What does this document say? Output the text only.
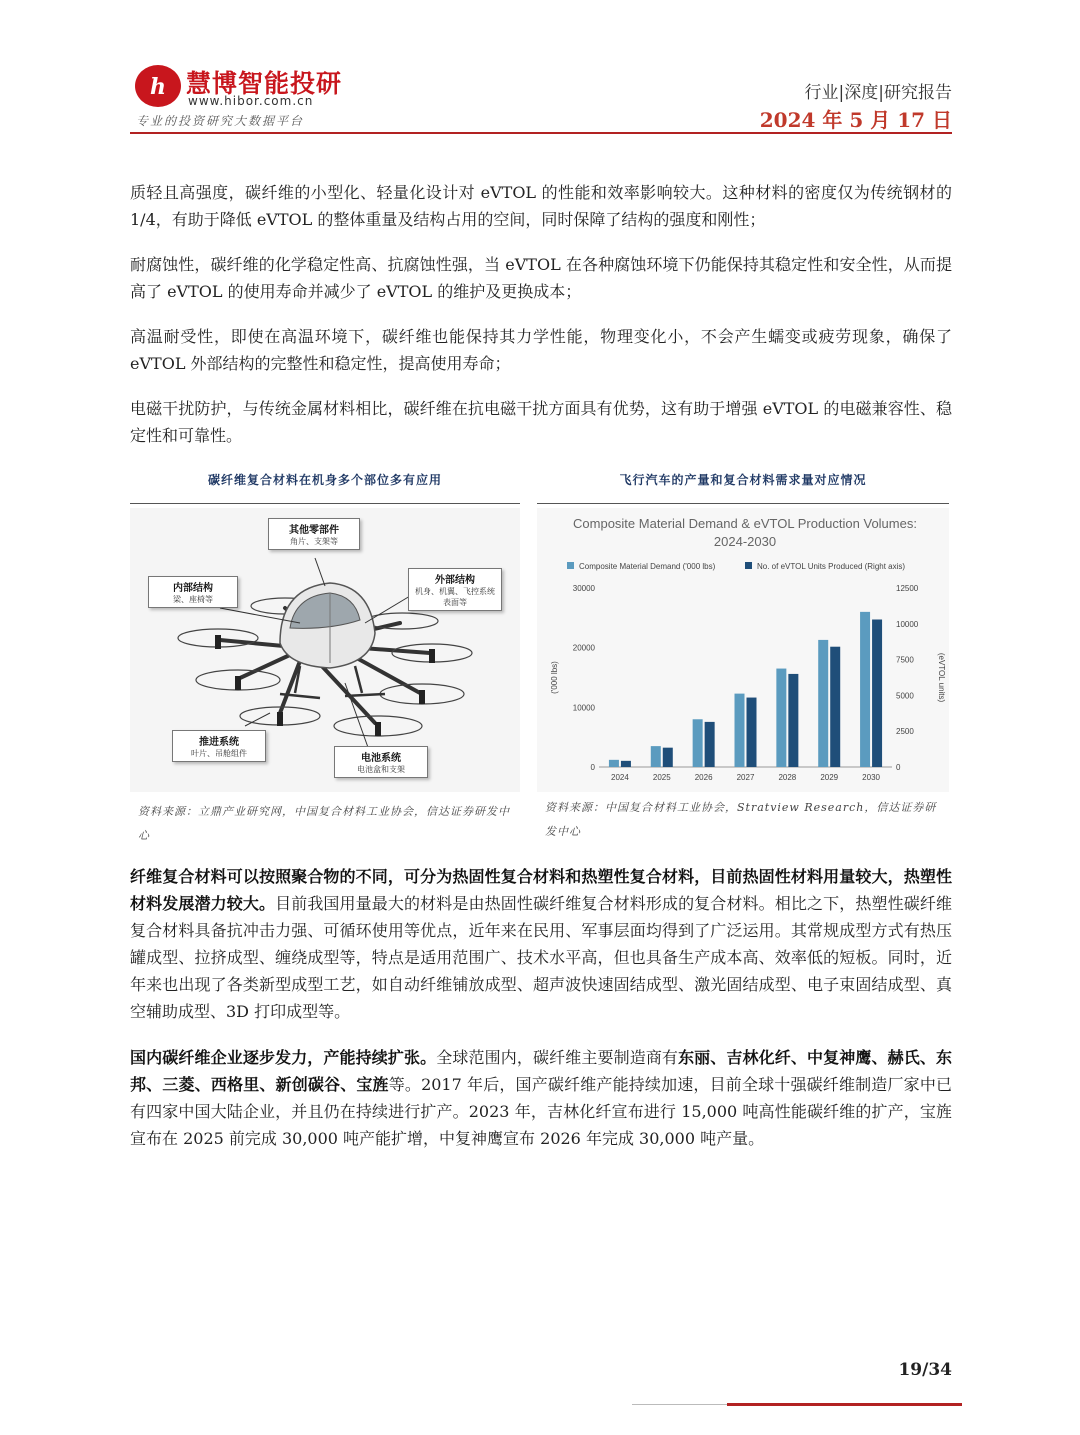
h 慧博智能投研
www.hibor.com.cn
专业的投资研究大数据平台
行业|深度|研究报告
2024 年 5 月 17 日

质轻且高强度，碳纤维的小型化、轻量化设计对 eVTOL 的性能和效率影响较大。这种材料的密度仅为传统钢材的 1/4，有助于降低 eVTOL 的整体重量及结构占用的空间，同时保障了结构的强度和刚性；

耐腐蚀性，碳纤维的化学稳定性高、抗腐蚀性强，当 eVTOL 在各种腐蚀环境下仍能保持其稳定性和安全性，从而提高了 eVTOL 的使用寿命并减少了 eVTOL 的维护及更换成本；

高温耐受性，即使在高温环境下，碳纤维也能保持其力学性能，物理变化小，不会产生蠕变或疲劳现象，确保了 eVTOL 外部结构的完整性和稳定性，提高使用寿命；

电磁干扰防护，与传统金属材料相比，碳纤维在抗电磁干扰方面具有优势，这有助于增强 eVTOL 的电磁兼容性、稳定性和可靠性。

碳纤维复合材料在机身多个部位多有应用
其他零部件
角片、支架等
内部结构
梁、座椅等
外部结构
机身、机翼、飞控系统表面等
推进系统
叶片、吊舱组件	电池系统
电池盒和支架
资料来源：立鼎产业研究网，中国复合材料工业协会，信达证券研发中心
飞行汽车的产量和复合材料需求量对应情况
Composite Material Demand & eVTOL Production Volumes:
2024-2030
Composite Material Demand ('000 lbs)	No. of eVTOL Units Produced (Right axis)
0
10000
20000
30000
0
2500
5000
7500
10000
12500
('000 lbs)	(eVTOL units)
2024	2025	2026	2027	2028	2029	2030
资料来源：中国复合材料工业协会，Stratview Research，信达证券研发中心

纤维复合材料可以按照聚合物的不同，可分为热固性复合材料和热塑性复合材料，目前热固性材料用量较大，热塑性材料发展潜力较大。目前我国用量最大的材料是由热固性碳纤维复合材料形成的复合材料。相比之下，热塑性碳纤维复合材料具备抗冲击力强、可循环使用等优点，近年来在民用、军事层面均得到了广泛运用。其常规成型方式有热压罐成型、拉挤成型、缠绕成型等，特点是适用范围广、技术水平高，但也具备生产成本高、效率低的短板。同时，近年来也出现了各类新型成型工艺，如自动纤维铺放成型、超声波快速固结成型、激光固结成型、电子束固结成型、真空辅助成型、3D 打印成型等。

国内碳纤维企业逐步发力，产能持续扩张。全球范围内，碳纤维主要制造商有东丽、吉林化纤、中复神鹰、赫氏、东邦、三菱、西格里、新创碳谷、宝旌等。2017 年后，国产碳纤维产能持续加速，目前全球十强碳纤维制造厂家中已有四家中国大陆企业，并且仍在持续进行扩产。2023 年，吉林化纤宣布进行 15,000 吨高性能碳纤维的扩产，宝旌宣布在 2025 前完成 30,000 吨产能扩增，中复神鹰宣布 2026 年完成 30,000 吨产量。

19/34
